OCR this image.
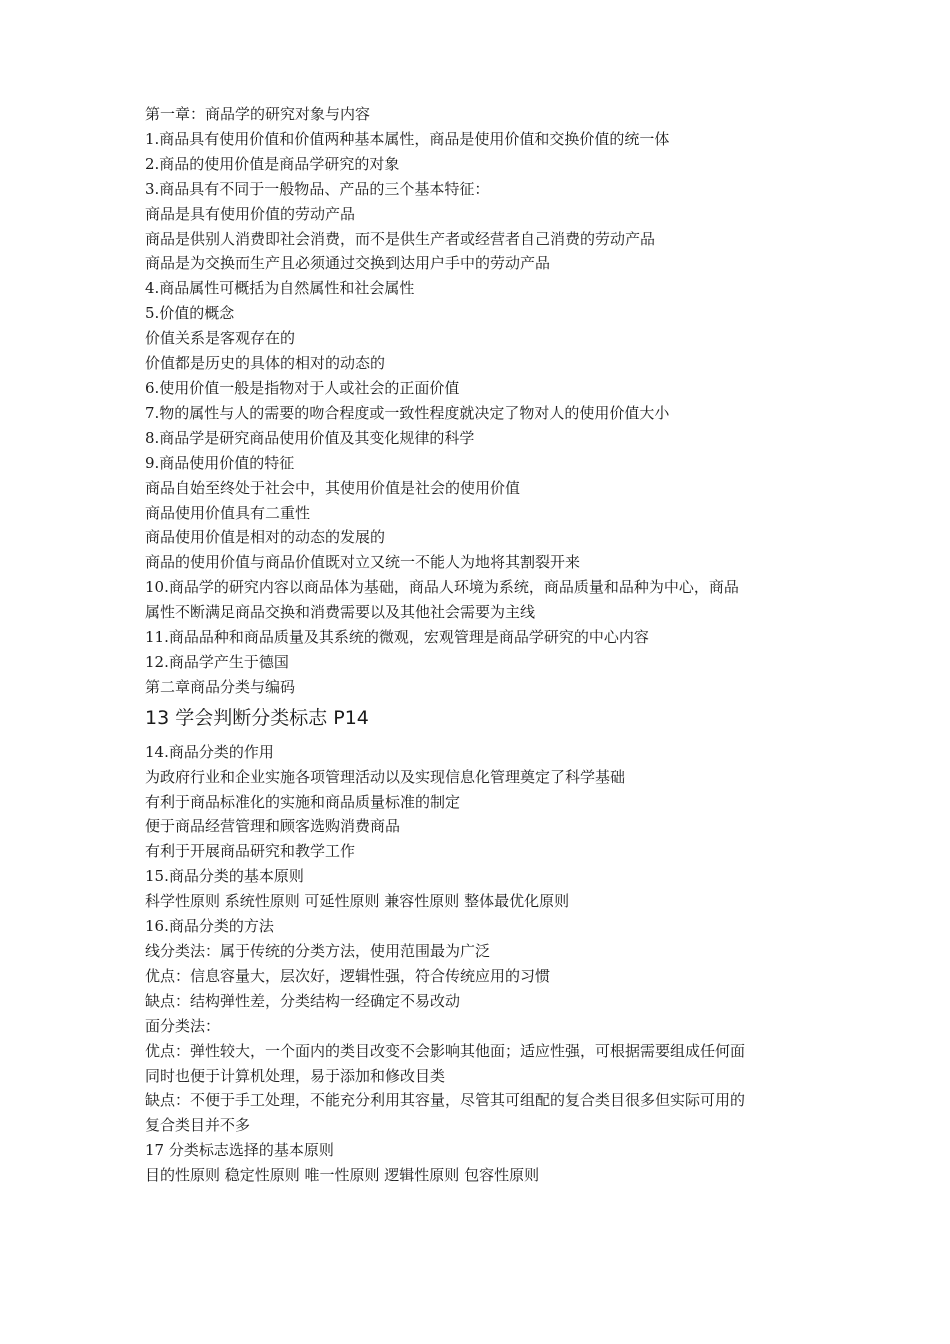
第一章：商品学的研究对象与内容

1.商品具有使用价值和价值两种基本属性，商品是使用价值和交换价值的统一体

2.商品的使用价值是商品学研究的对象

3.商品具有不同于一般物品、产品的三个基本特征：

商品是具有使用价值的劳动产品

商品是供别人消费即社会消费，而不是供生产者或经营者自己消费的劳动产品

商品是为交换而生产且必须通过交换到达用户手中的劳动产品

4.商品属性可概括为自然属性和社会属性

5.价值的概念

价值关系是客观存在的

价值都是历史的具体的相对的动态的

6.使用价值一般是指物对于人或社会的正面价值

7.物的属性与人的需要的吻合程度或一致性程度就决定了物对人的使用价值大小

8.商品学是研究商品使用价值及其变化规律的科学

9.商品使用价值的特征

商品自始至终处于社会中，其使用价值是社会的使用价值

商品使用价值具有二重性

商品使用价值是相对的动态的发展的

商品的使用价值与商品价值既对立又统一不能人为地将其割裂开来

10.商品学的研究内容以商品体为基础，商品人环境为系统，商品质量和品种为中心，商品

属性不断满足商品交换和消费需要以及其他社会需要为主线

11.商品品种和商品质量及其系统的微观，宏观管理是商品学研究的中心内容

12.商品学产生于德国

第二章商品分类与编码

13 学会判断分类标志 P14

14.商品分类的作用

为政府行业和企业实施各项管理活动以及实现信息化管理奠定了科学基础

有利于商品标准化的实施和商品质量标准的制定

便于商品经营管理和顾客选购消费商品

有利于开展商品研究和教学工作

15.商品分类的基本原则

科学性原则 系统性原则 可延性原则 兼容性原则 整体最优化原则

16.商品分类的方法

线分类法：属于传统的分类方法，使用范围最为广泛

优点：信息容量大，层次好，逻辑性强，符合传统应用的习惯

缺点：结构弹性差，分类结构一经确定不易改动

面分类法：

优点：弹性较大，一个面内的类目改变不会影响其他面；适应性强，可根据需要组成任何面

同时也便于计算机处理，易于添加和修改目类

缺点：不便于手工处理，不能充分利用其容量，尽管其可组配的复合类目很多但实际可用的

复合类目并不多

17 分类标志选择的基本原则

目的性原则 稳定性原则 唯一性原则 逻辑性原则 包容性原则
